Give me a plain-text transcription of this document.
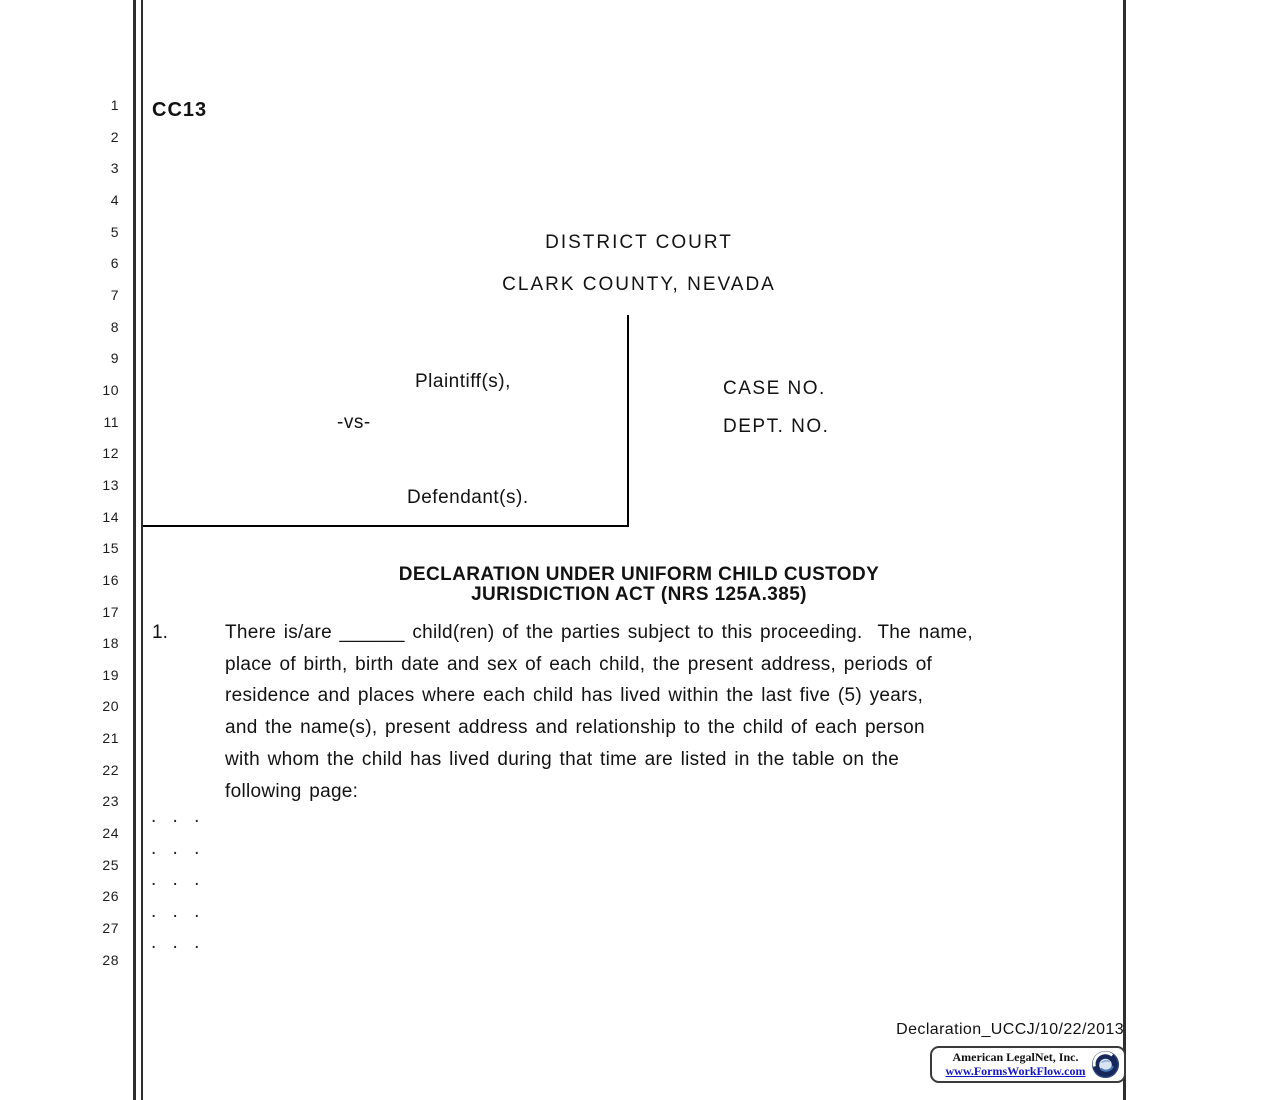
1
2
3
4
5
6
7
8
9
10
11
12
13
14
15
16
17
18
19
20
21
22
23
24
25
26
27
28
CC13
DISTRICT COURT
CLARK COUNTY, NEVADA
Plaintiff(s),
-vs-
Defendant(s).
CASE NO.
DEPT. NO.
DECLARATION UNDER UNIFORM CHILD CUSTODY
JURISDICTION ACT (NRS 125A.385)
1.	There is/are ______ child(ren) of the parties subject to this proceeding.  The name,
place of birth, birth date and sex of each child, the present address, periods of
residence and places where each child has lived within the last five (5) years,
and the name(s), present address and relationship to the child of each person
with whom the child has lived during that time are listed in the table on the
following page:
. . .
. . .
. . .
. . .
. . .
Declaration_UCCJ/10/22/2013
American LegalNet, Inc.
www.FormsWorkFlow.com
